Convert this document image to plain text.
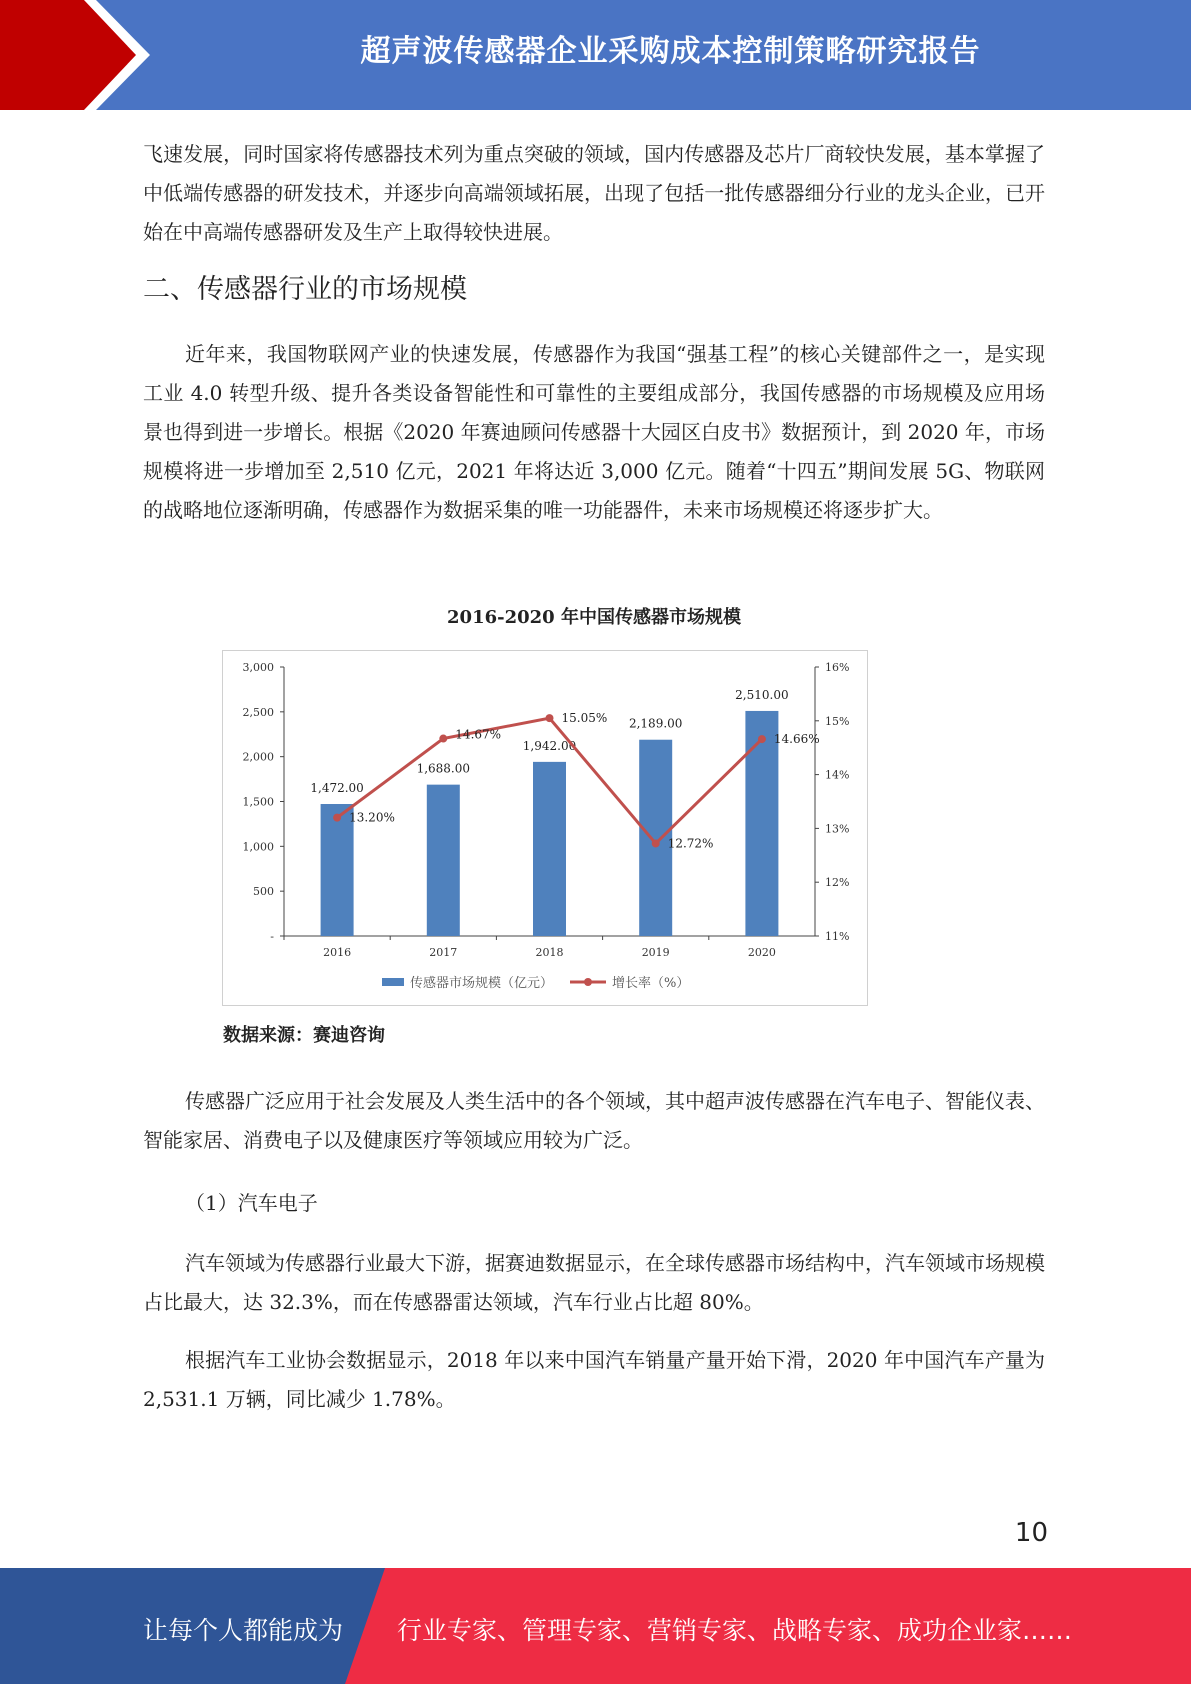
超声波传感器企业采购成本控制策略研究报告

飞速发展，同时国家将传感器技术列为重点突破的领域，国内传感器及芯片厂商较快发展，基本掌握了中低端传感器的研发技术，并逐步向高端领域拓展，出现了包括一批传感器细分行业的龙头企业，已开始在中高端传感器研发及生产上取得较快进展。

二、传感器行业的市场规模

近年来，我国物联网产业的快速发展，传感器作为我国“强基工程”的核心关键部件之一，是实现工业 4.0 转型升级、提升各类设备智能性和可靠性的主要组成部分，我国传感器的市场规模及应用场景也得到进一步增长。根据《2020 年赛迪顾问传感器十大园区白皮书》数据预计，到 2020 年，市场规模将进一步增加至 2,510 亿元，2021 年将达近 3,000 亿元。随着“十四五”期间发展 5G、物联网的战略地位逐渐明确，传感器作为数据采集的唯一功能器件，未来市场规模还将逐步扩大。

2016-2020 年中国传感器市场规模
-
500
1,000
1,500
2,000
2,500
3,000
11%
12%
13%
14%
15%
16%
1,472.00
1,688.00
1,942.00
2,189.00
2,510.00
2016	2017	2018	2019	2020
13.20%
14.67%
15.05%
12.72%
14.66%
传感器市场规模（亿元）	增长率（%）
数据来源：赛迪咨询

传感器广泛应用于社会发展及人类生活中的各个领域，其中超声波传感器在汽车电子、智能仪表、智能家居、消费电子以及健康医疗等领域应用较为广泛。

（1）汽车电子

汽车领域为传感器行业最大下游，据赛迪数据显示，在全球传感器市场结构中，汽车领域市场规模占比最大，达 32.3%，而在传感器雷达领域，汽车行业占比超 80%。

根据汽车工业协会数据显示，2018 年以来中国汽车销量产量开始下滑，2020 年中国汽车产量为 2,531.1 万辆，同比减少 1.78%。

10
让每个人都能成为 行业专家、管理专家、营销专家、战略专家、成功企业家……
